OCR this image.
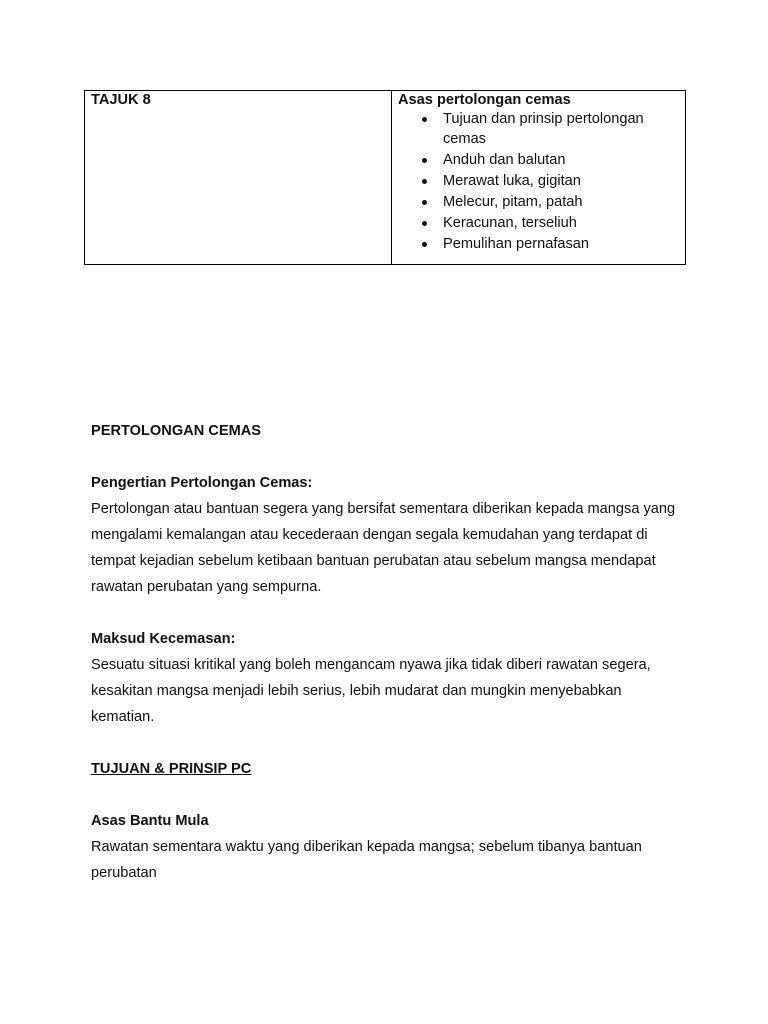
TAJUK 8	Asas pertolongan cemas
Tujuan dan prinsip pertolongan cemas
Anduh dan balutan
Merawat luka, gigitan
Melecur, pitam, patah
Keracunan, terseliuh
Pemulihan pernafasan

PERTOLONGAN CEMAS

Pengertian Pertolongan Cemas:

Pertolongan atau bantuan segera yang bersifat sementara diberikan kepada mangsa yang mengalami kemalangan atau kecederaan dengan segala kemudahan yang terdapat di tempat kejadian sebelum ketibaan bantuan perubatan atau sebelum mangsa mendapat rawatan perubatan yang sempurna.

Maksud Kecemasan:

Sesuatu situasi kritikal yang boleh mengancam nyawa jika tidak diberi rawatan segera, kesakitan mangsa menjadi lebih serius, lebih mudarat dan mungkin menyebabkan kematian.

TUJUAN & PRINSIP PC

Asas Bantu Mula

Rawatan sementara waktu yang diberikan kepada mangsa; sebelum tibanya bantuan perubatan
